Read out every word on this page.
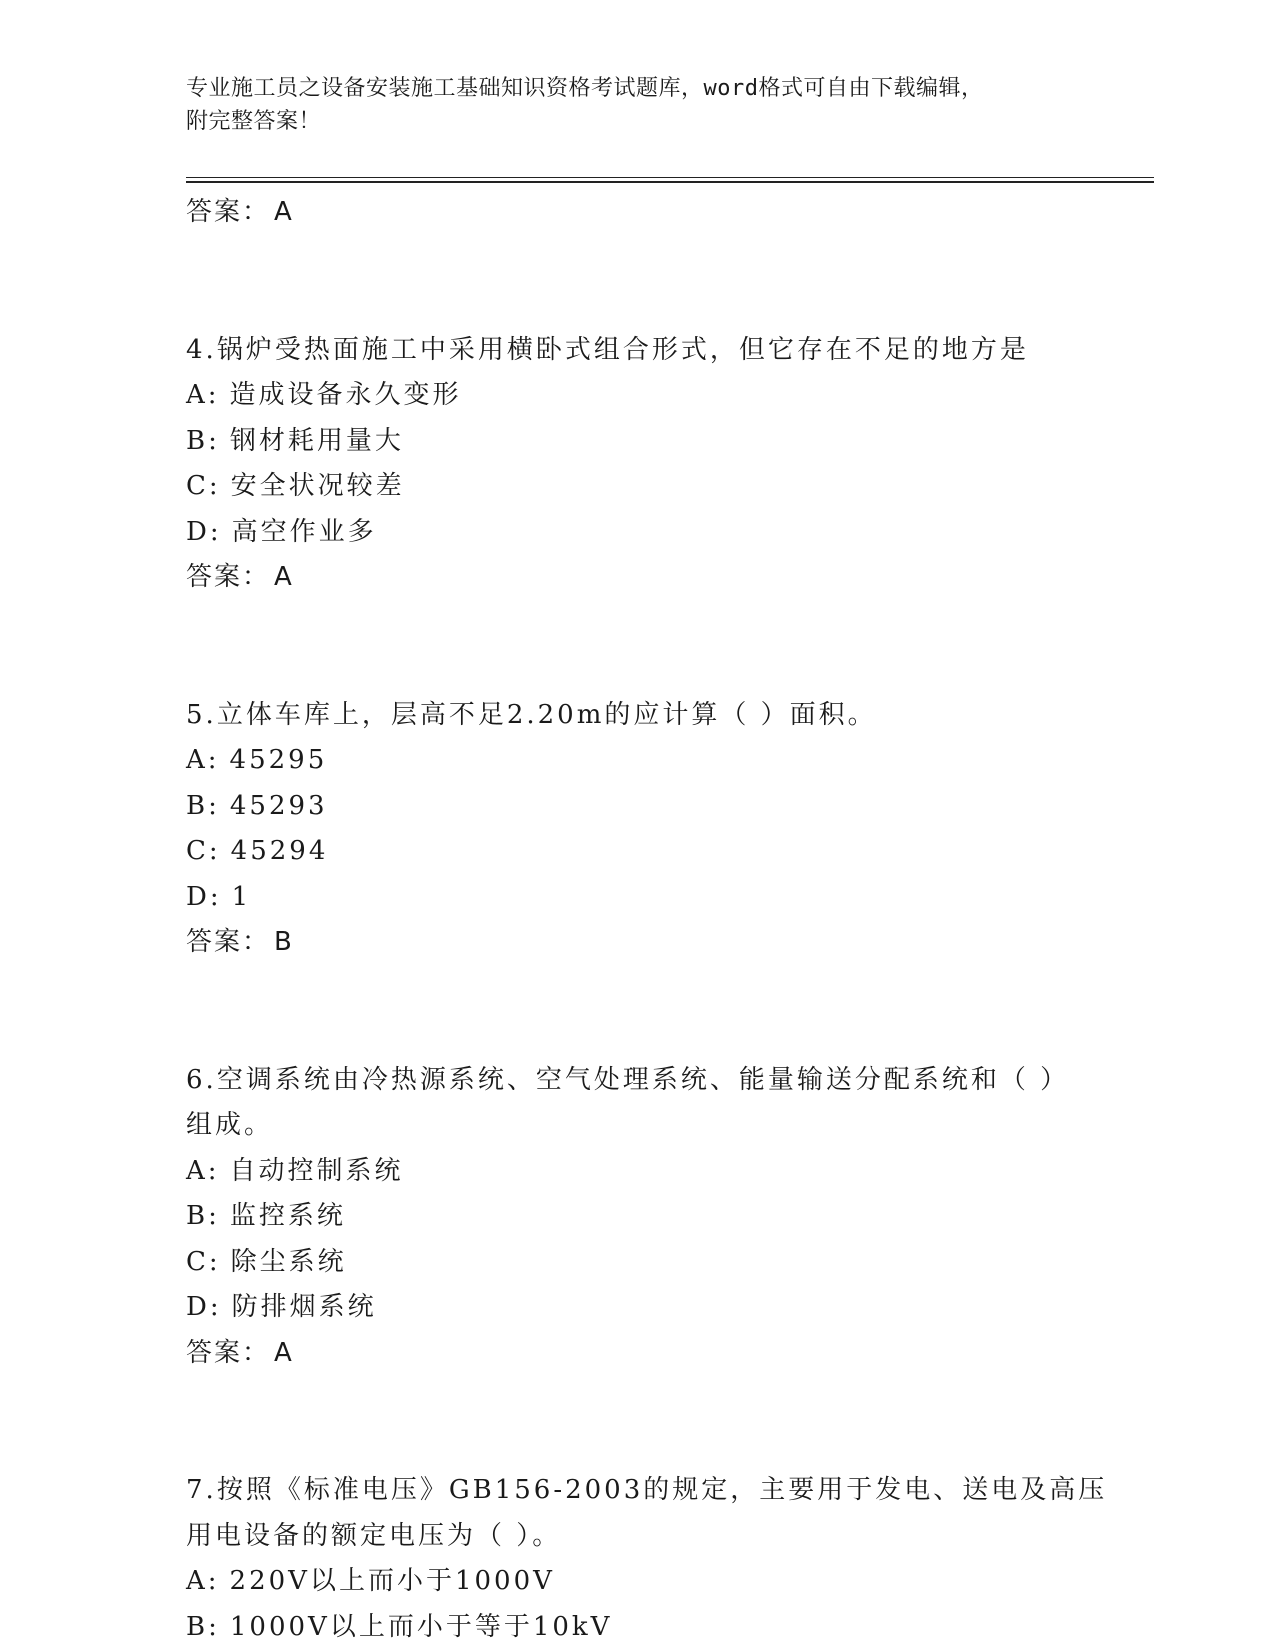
专业施工员之设备安装施工基础知识资格考试题库，word格式可自由下载编辑，
附完整答案！
答案： A
4.锅炉受热面施工中采用横卧式组合形式，但它存在不足的地方是
A: 造成设备永久变形
B: 钢材耗用量大
C: 安全状况较差
D: 高空作业多
答案： A
5.立体车库上，层高不足2.20m的应计算（ ）面积。
A: 45295
B: 45293
C: 45294
D: 1
答案： B
6.空调系统由冷热源系统、空气处理系统、能量输送分配系统和（ ）
组成。
A: 自动控制系统
B: 监控系统
C: 除尘系统
D: 防排烟系统
答案： A
7.按照《标准电压》GB156-2003的规定，主要用于发电、送电及高压
用电设备的额定电压为（ ）。
A: 220V以上而小于1000V
B: 1000V以上而小于等于10kV
